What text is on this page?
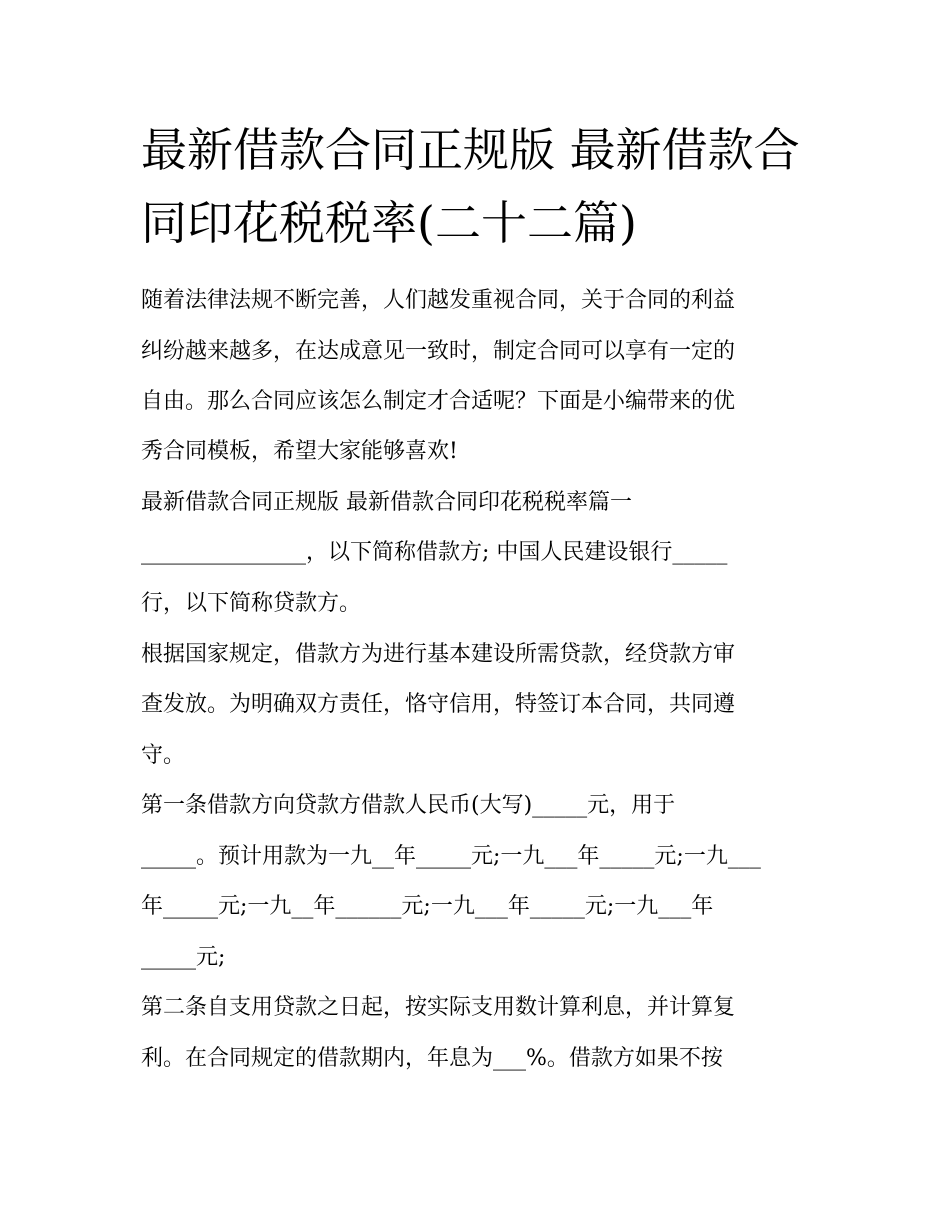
最新借款合同正规版 最新借款合同印花税税率(二十二篇)

随着法律法规不断完善，人们越发重视合同，关于合同的利益

纠纷越来越多，在达成意见一致时，制定合同可以享有一定的

自由。那么合同应该怎么制定才合适呢？下面是小编带来的优

秀合同模板，希望大家能够喜欢!

最新借款合同正规版 最新借款合同印花税税率篇一

_______________，以下简称借款方; 中国人民建设银行_____

行，以下简称贷款方。

根据国家规定，借款方为进行基本建设所需贷款，经贷款方审

查发放。为明确双方责任，恪守信用，特签订本合同，共同遵

守。

第一条借款方向贷款方借款人民币(大写)_____元，用于

_____。预计用款为一九__年_____元;一九___年_____元;一九___

年_____元;一九__年______元;一九___年_____元;一九___年

_____元;

第二条自支用贷款之日起，按实际支用数计算利息，并计算复

利。在合同规定的借款期内，年息为___%。借款方如果不按
